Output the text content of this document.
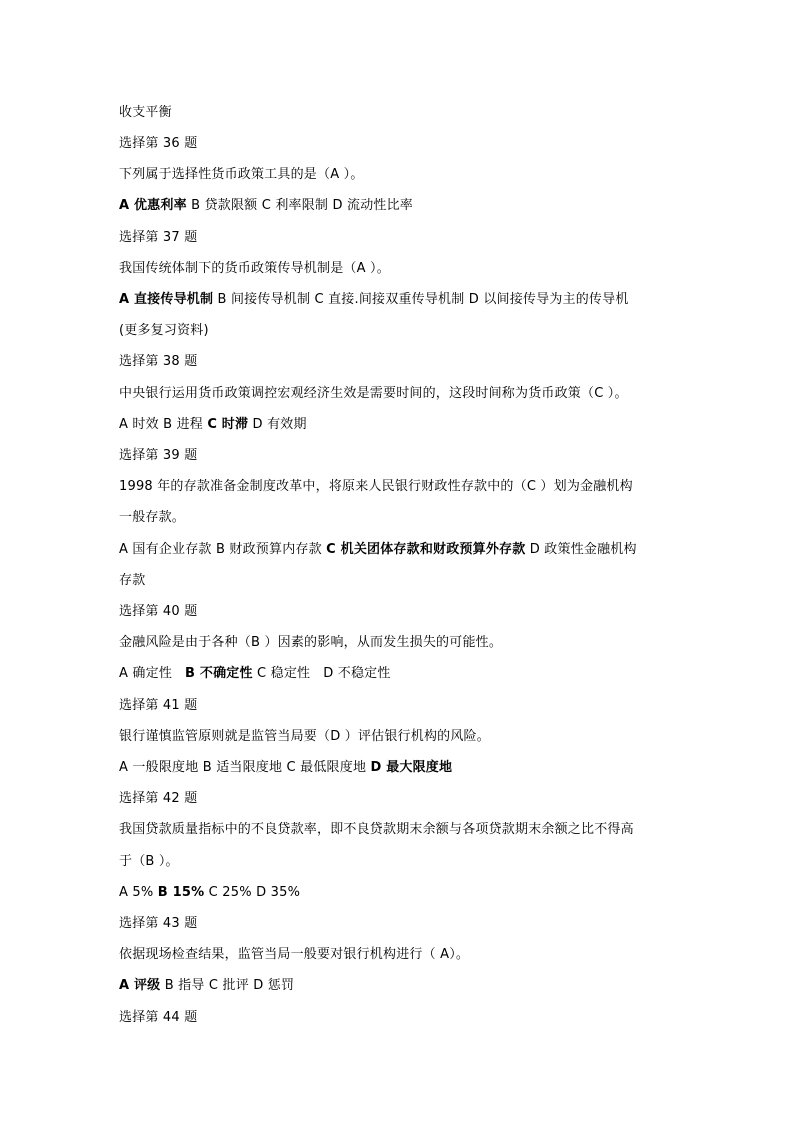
收支平衡
选择第 36 题
下列属于选择性货币政策工具的是（A ）。
A 优惠利率 B 贷款限额 C 利率限制 D 流动性比率
选择第 37 题
我国传统体制下的货币政策传导机制是（A ）。
A 直接传导机制 B 间接传导机制 C 直接.间接双重传导机制 D 以间接传导为主的传导机
(更多复习资料)
选择第 38 题
中央银行运用货币政策调控宏观经济生效是需要时间的，这段时间称为货币政策（C ）。
A 时效 B 进程 C 时滞 D 有效期
选择第 39 题
1998 年的存款准备金制度改革中，将原来人民银行财政性存款中的（C ）划为金融机构
一般存款。
A 国有企业存款 B 财政预算内存款 C 机关团体存款和财政预算外存款 D 政策性金融机构
存款
选择第 40 题
金融风险是由于各种（B ）因素的影响，从而发生损失的可能性。
A 确定性   B 不确定性 C 稳定性   D 不稳定性
选择第 41 题
银行谨慎监管原则就是监管当局要（D ）评估银行机构的风险。
A 一般限度地 B 适当限度地 C 最低限度地 D 最大限度地
选择第 42 题
我国贷款质量指标中的不良贷款率，即不良贷款期末余额与各项贷款期末余额之比不得高
于（B ）。
A 5% B 15% C 25% D 35%
选择第 43 题
依据现场检查结果，监管当局一般要对银行机构进行（ A）。
A 评级 B 指导 C 批评 D 惩罚
选择第 44 题
